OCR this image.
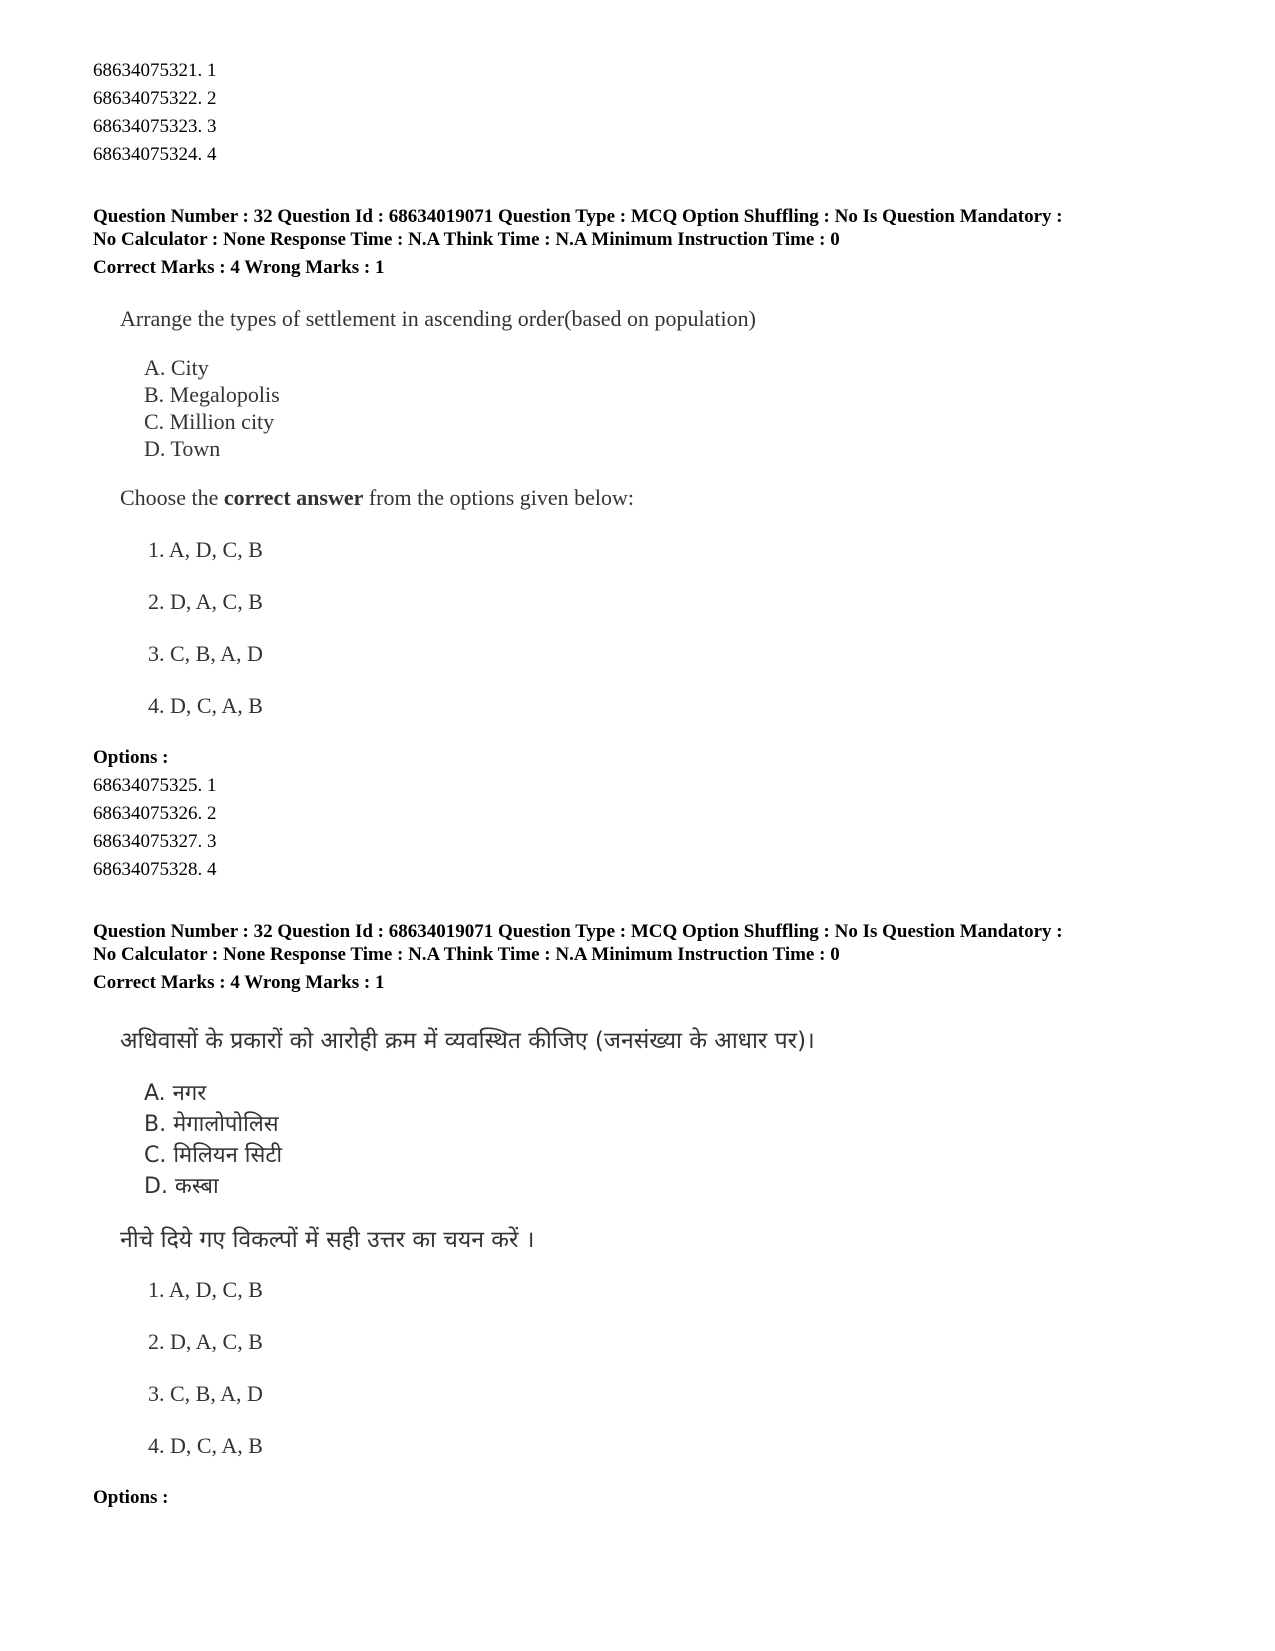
68634075321. 1
68634075322. 2
68634075323. 3
68634075324. 4
Question Number : 32 Question Id : 68634019071 Question Type : MCQ Option Shuffling : No Is Question Mandatory :
No Calculator : None Response Time : N.A Think Time : N.A Minimum Instruction Time : 0
Correct Marks : 4 Wrong Marks : 1
Arrange the types of settlement in ascending order(based on population)
A. City
B. Megalopolis
C. Million city
D. Town
Choose the correct answer from the options given below:
1. A, D, C, B
2. D, A, C, B
3. C, B, A, D
4. D, C, A, B
Options :
68634075325. 1
68634075326. 2
68634075327. 3
68634075328. 4
Question Number : 32 Question Id : 68634019071 Question Type : MCQ Option Shuffling : No Is Question Mandatory :
No Calculator : None Response Time : N.A Think Time : N.A Minimum Instruction Time : 0
Correct Marks : 4 Wrong Marks : 1
अधिवासों के प्रकारों को आरोही क्रम में व्यवस्थित कीजिए (जनसंख्या के आधार पर)।
A. नगर
B. मेगालोपोलिस
C. मिलियन सिटी
D. कस्बा
नीचे दिये गए विकल्पों में सही उत्तर का चयन करें ।
1. A, D, C, B
2. D, A, C, B
3. C, B, A, D
4. D, C, A, B
Options :
